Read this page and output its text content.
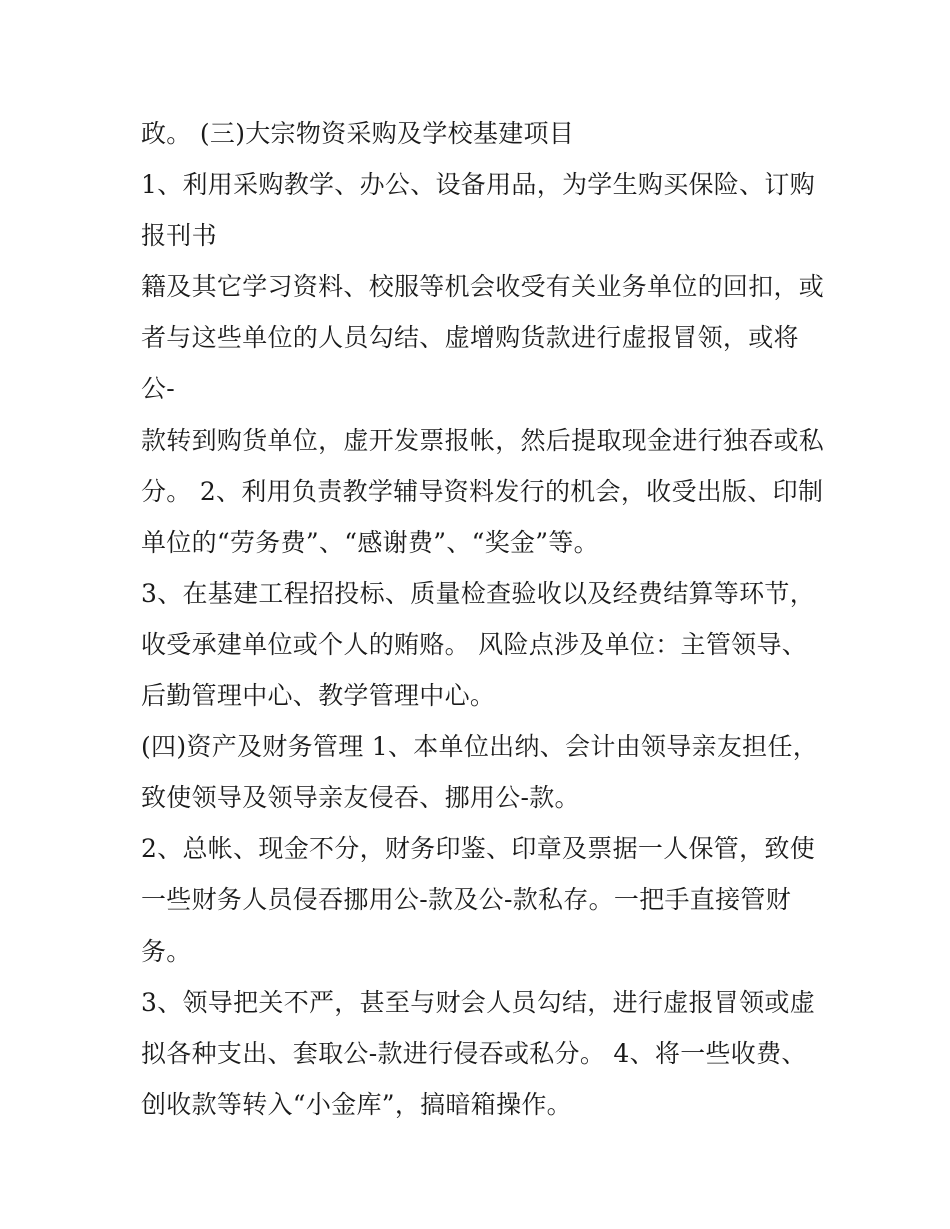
政。 (三)大宗物资采购及学校基建项目
1、利用采购教学、办公、设备用品，为学生购买保险、订购
报刊书
籍及其它学习资料、校服等机会收受有关业务单位的回扣，或
者与这些单位的人员勾结、虚增购货款进行虚报冒领，或将
公-
款转到购货单位，虚开发票报帐，然后提取现金进行独吞或私
分。 2、利用负责教学辅导资料发行的机会，收受出版、印制
单位的“劳务费”、“感谢费”、“奖金”等。
3、在基建工程招投标、质量检查验收以及经费结算等环节，
收受承建单位或个人的贿赂。 风险点涉及单位：主管领导、
后勤管理中心、教学管理中心。
(四)资产及财务管理 1、本单位出纳、会计由领导亲友担任，
致使领导及领导亲友侵吞、挪用公-款。
2、总帐、现金不分，财务印鉴、印章及票据一人保管，致使
一些财务人员侵吞挪用公-款及公-款私存。一把手直接管财
务。
3、领导把关不严，甚至与财会人员勾结，进行虚报冒领或虚
拟各种支出、套取公-款进行侵吞或私分。 4、将一些收费、
创收款等转入“小金库”，搞暗箱操作。
